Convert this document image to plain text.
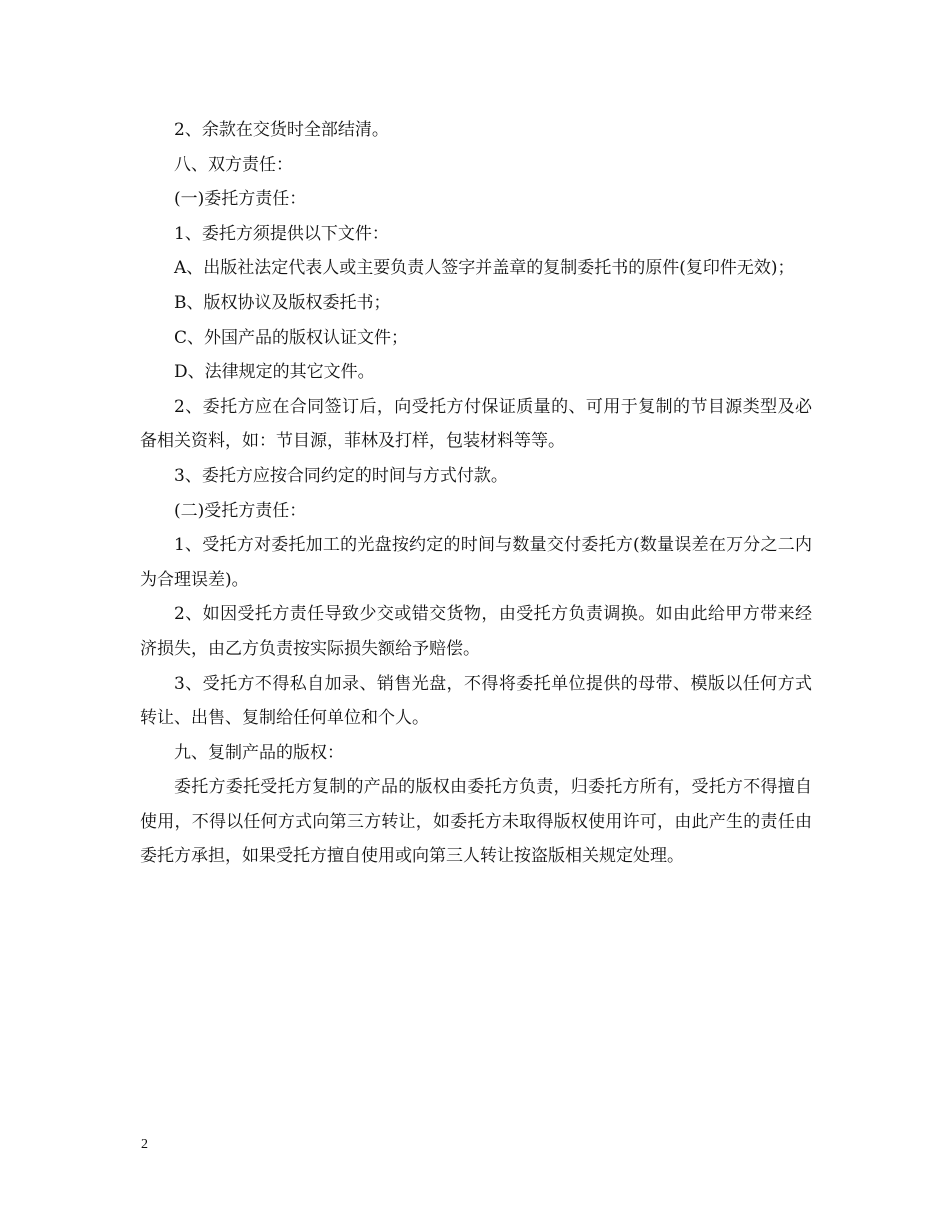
2、余款在交货时全部结清。

八、双方责任：

(一)委托方责任：

1、委托方须提供以下文件：

A、出版社法定代表人或主要负责人签字并盖章的复制委托书的原件(复印件无效)；

B、版权协议及版权委托书；

C、外国产品的版权认证文件；

D、法律规定的其它文件。

2、委托方应在合同签订后，向受托方付保证质量的、可用于复制的节目源类型及必备相关资料，如：节目源，菲林及打样，包装材料等等。

3、委托方应按合同约定的时间与方式付款。

(二)受托方责任：

1、受托方对委托加工的光盘按约定的时间与数量交付委托方(数量误差在万分之二内为合理误差)。

2、如因受托方责任导致少交或错交货物，由受托方负责调换。如由此给甲方带来经济损失，由乙方负责按实际损失额给予赔偿。

3、受托方不得私自加录、销售光盘，不得将委托单位提供的母带、模版以任何方式转让、出售、复制给任何单位和个人。

九、复制产品的版权：

委托方委托受托方复制的产品的版权由委托方负责，归委托方所有，受托方不得擅自使用，不得以任何方式向第三方转让，如委托方未取得版权使用许可，由此产生的责任由委托方承担，如果受托方擅自使用或向第三人转让按盗版相关规定处理。

2
